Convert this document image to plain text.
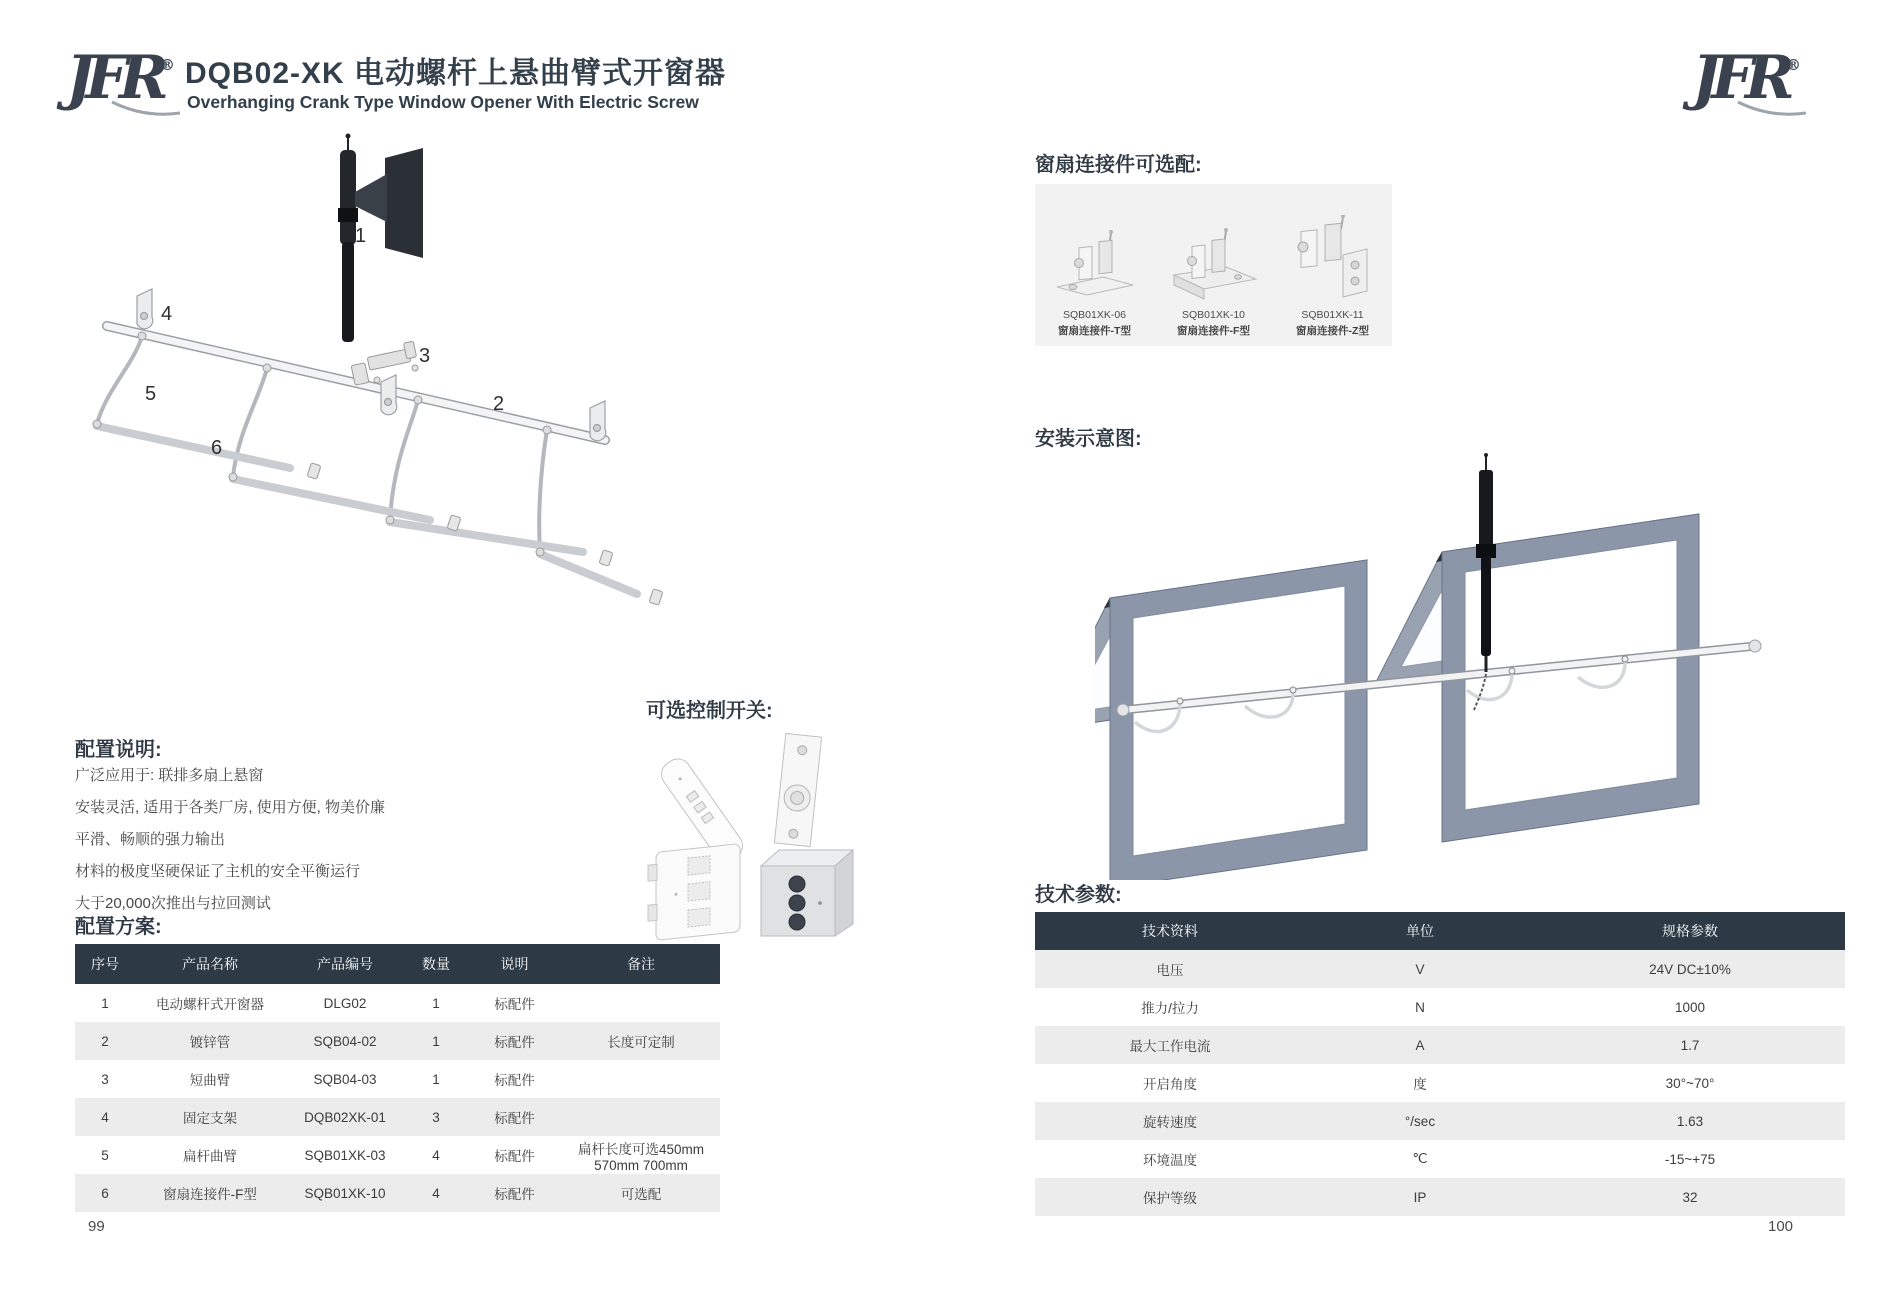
JFR® DQB02-XK 电动螺杆上悬曲臂式开窗器
Overhanging Crank Type Window Opener With Electric Screw
1
2
3
4
5
6
可选控制开关:
配置说明:
广泛应用于: 联排多扇上悬窗
安装灵活, 适用于各类厂房, 使用方便, 物美价廉
平滑、畅顺的强力输出
材料的极度坚硬保证了主机的安全平衡运行
大于20,000次推出与拉回测试
配置方案:
序号	产品名称	产品编号	数量	说明	备注
1	电动螺杆式开窗器	DLG02	1	标配件	
2	镀锌管	SQB04-02	1	标配件	长度可定制
3	短曲臂	SQB04-03	1	标配件	
4	固定支架	DQB02XK-01	3	标配件	
5	扁杆曲臂	SQB01XK-03	4	标配件	扁杆长度可选450mm 570mm 700mm
6	窗扇连接件-F型	SQB01XK-10	4	标配件	可选配
99
JFR®
窗扇连接件可选配:
SQB01XK-06
窗扇连接件-T型
SQB01XK-10
窗扇连接件-F型
SQB01XK-11
窗扇连接件-Z型
安装示意图:
技术参数:
技术资料	单位	规格参数
电压	V	24V DC±10%
推力/拉力	N	1000
最大工作电流	A	1.7
开启角度	度	30°~70°
旋转速度	°/sec	1.63
环境温度	℃	-15~+75
保护等级	IP	32
100
